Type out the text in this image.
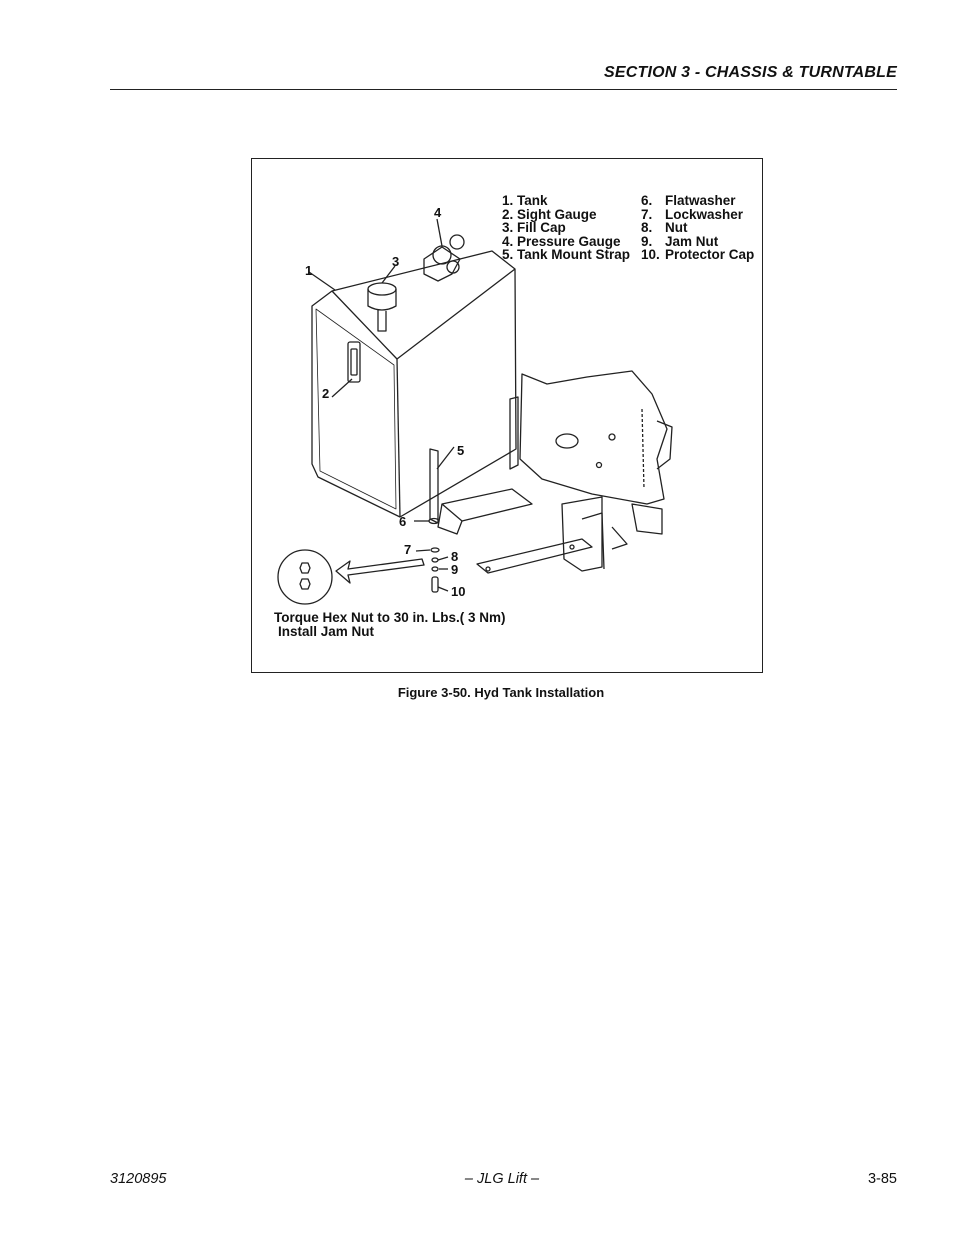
SECTION 3 - CHASSIS & TURNTABLE
1. Tank
2. Sight Gauge
3. Fill Cap
4. Pressure Gauge
5. Tank Mount Strap
6. Flatwasher
7. Lockwasher
8. Nut
9. Jam Nut
10. Protector Cap
1
2
3
4
5
6
7	8
9
10
Torque Hex Nut to 30 in. Lbs.( 3 Nm)
Install Jam Nut
Figure 3-50. Hyd Tank Installation
3120895	– JLG Lift –	3-85
